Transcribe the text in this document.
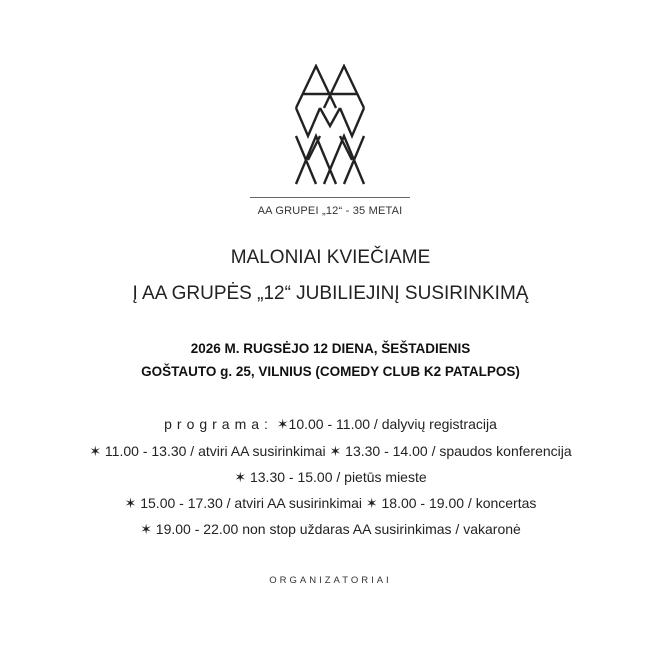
AA GRUPEI „12“ - 35 METAI
MALONIAI KVIEČIAME
Į AA GRUPĖS „12“ JUBILIEJINĮ SUSIRINKIMĄ
2026 M. RUGSĖJO 12 DIENA, ŠEŠTADIENIS
GOŠTAUTO g. 25, VILNIUS (COMEDY CLUB K2 PATALPOS)
programa: ✶10.00 - 11.00 / dalyvių registracija
✶ 11.00 - 13.30 / atviri AA susirinkimai ✶ 13.30 - 14.00 / spaudos konferencija
✶ 13.30 - 15.00 / pietūs mieste
✶ 15.00 - 17.30 / atviri AA susirinkimai ✶ 18.00 - 19.00 / koncertas
✶ 19.00 - 22.00 non stop uždaras AA susirinkimas / vakaronė
ORGANIZATORIAI
